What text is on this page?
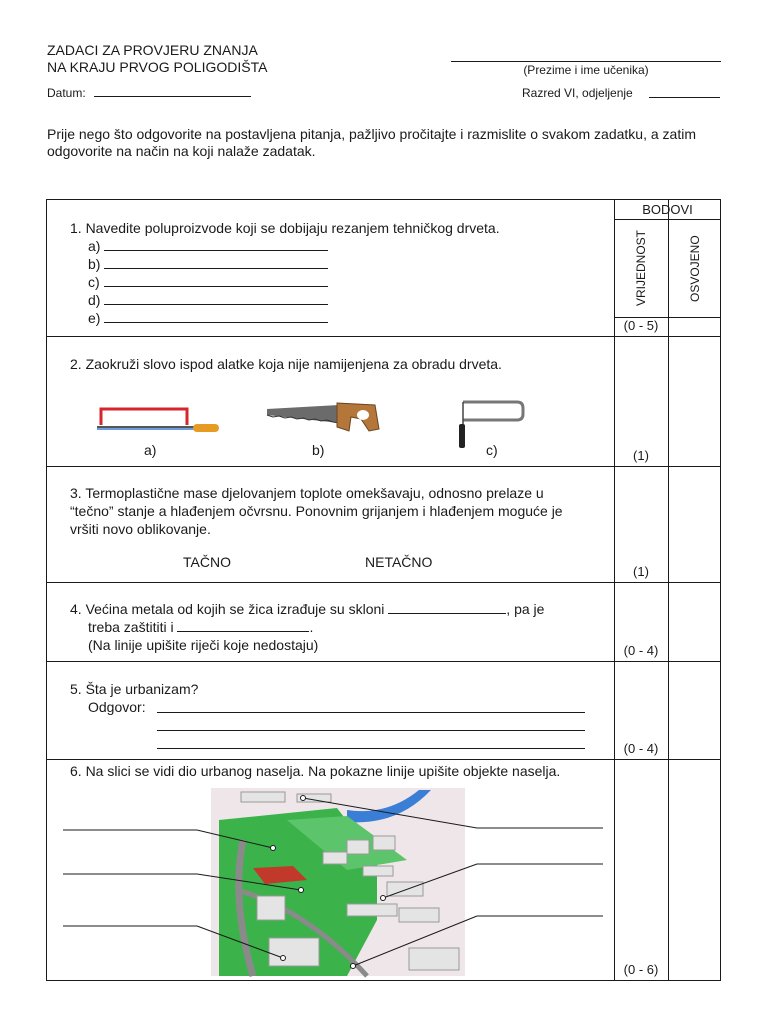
ZADACI ZA PROVJERU ZNANJA
NA KRAJU PRVOG POLIGODIŠTA	(Prezime i ime učenika)
Datum:	Razred VI, odjeljenje
Prije nego što odgovorite na postavljena pitanja, pažljivo pročitajte i razmislite o svakom zadatku, a zatim odgovorite na način na koji nalaže zadatak.
BODOVI
VRIJEDNOST	OSVOJENO
1. Navedite poluproizvode koji se dobijaju rezanjem tehničkog drveta.
a)
b)
c)
d)
e)	(0 - 5)
2. Zaokruži slovo ispod alatke koja nije namijenjena za obradu drveta.
a)	b)	c)	(1)
3. Termoplastične mase djelovanjem toplote omekšavaju, odnosno prelaze u “tečno” stanje a hlađenjem očvrsnu. Ponovnim grijanjem i hlađenjem moguće je vršiti novo oblikovanje.
TAČNO	NETAČNO
(1)
4. Većina metala od kojih se žica izrađuje su skloni	, pa je
treba zaštititi i	.
(Na linije upišite riječi koje nedostaju)	(0 - 4)
5. Šta je urbanizam?
Odgovor:
(0 - 4)
6. Na slici se vidi dio urbanog naselja. Na pokazne linije upišite objekte naselja.
(0 - 6)
